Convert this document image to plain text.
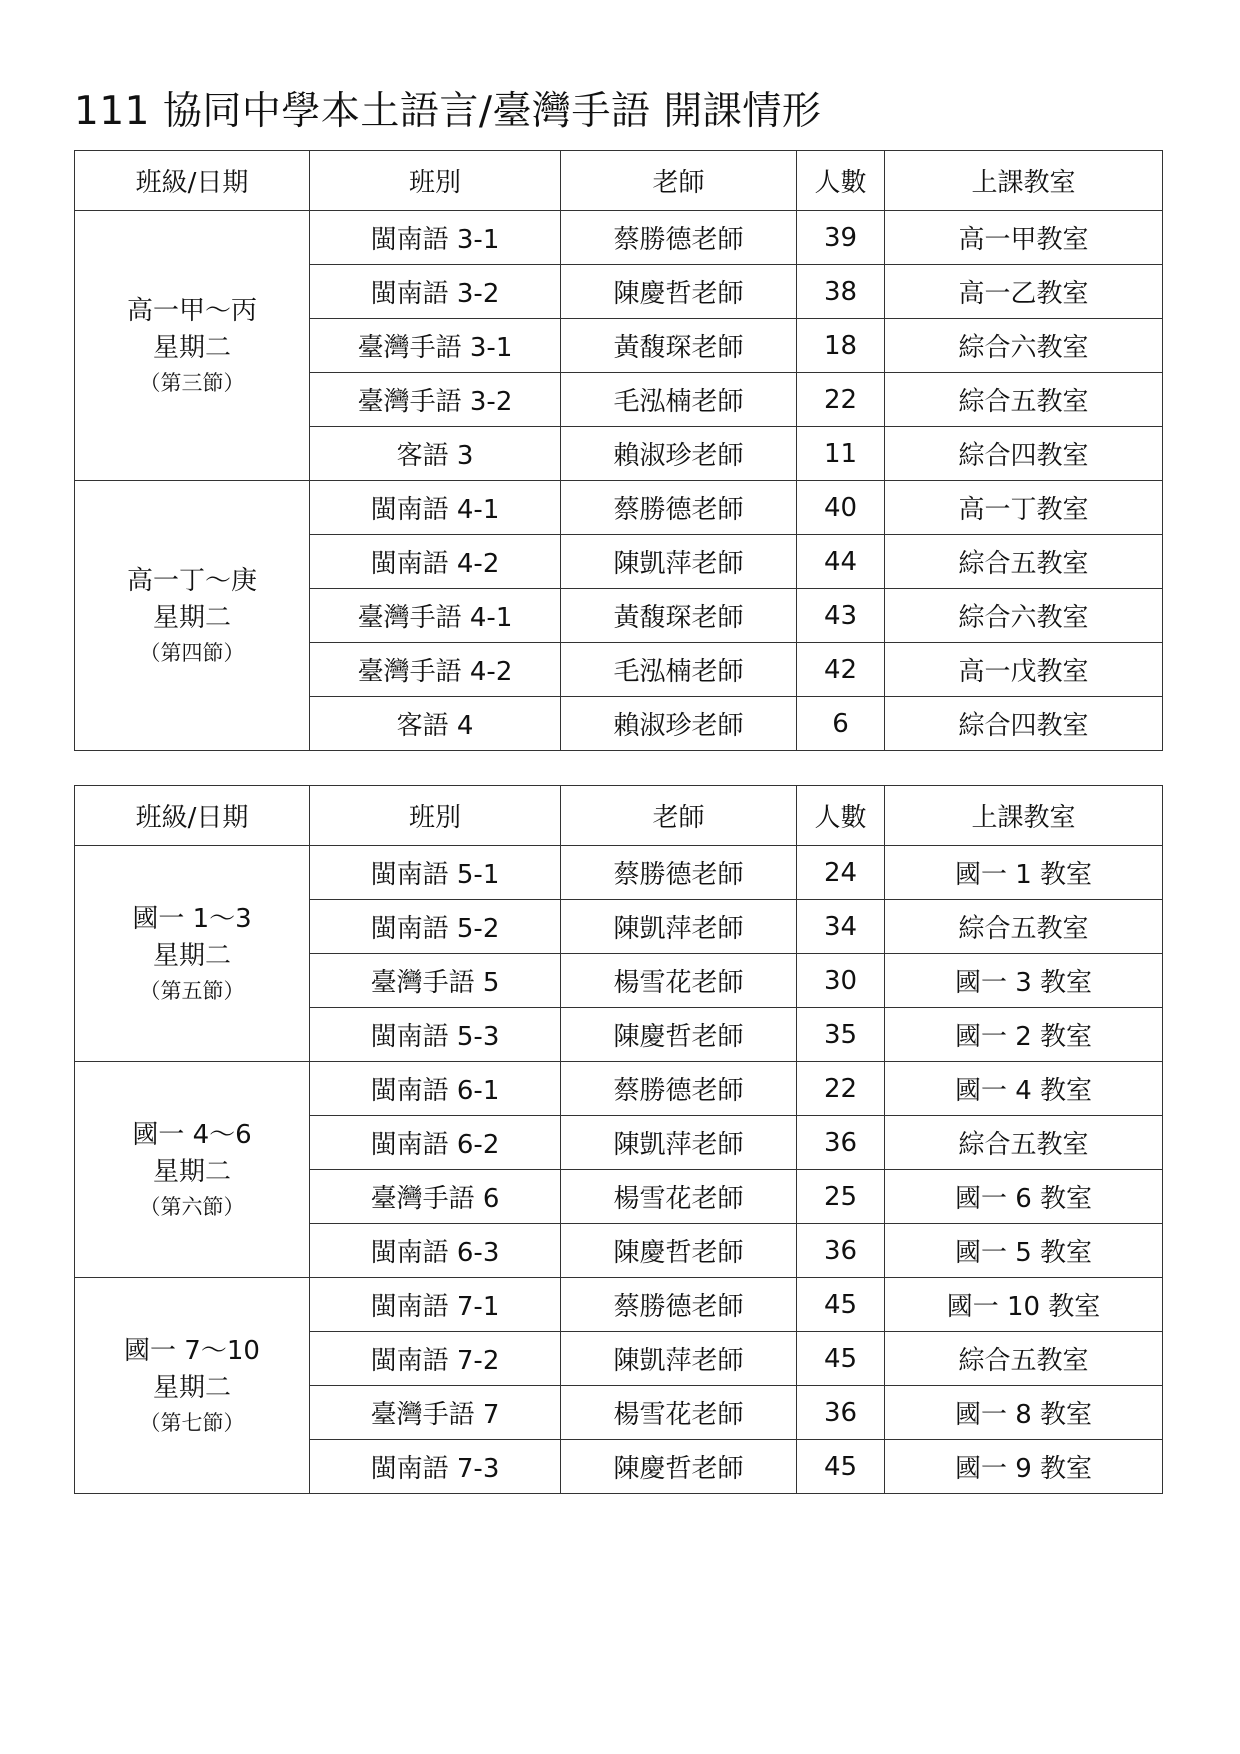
111 協同中學本土語言/臺灣手語 開課情形
班級/日期	班別	老師	人數	上課教室

高一甲～丙
星期二
（第三節）	閩南語 3-1	蔡勝德老師	39	高一甲教室
	閩南語 3-2	陳慶哲老師	38	高一乙教室
	臺灣手語 3-1	黃馥琛老師	18	綜合六教室
	臺灣手語 3-2	毛泓楠老師	22	綜合五教室
	客語 3	賴淑珍老師	11	綜合四教室

高一丁～庚
星期二
（第四節）	閩南語 4-1	蔡勝德老師	40	高一丁教室
	閩南語 4-2	陳凱萍老師	44	綜合五教室
	臺灣手語 4-1	黃馥琛老師	43	綜合六教室
	臺灣手語 4-2	毛泓楠老師	42	高一戊教室
	客語 4	賴淑珍老師	6	綜合四教室
班級/日期	班別	老師	人數	上課教室

國一 1～3
星期二
（第五節）	閩南語 5-1	蔡勝德老師	24	國一 1 教室
	閩南語 5-2	陳凱萍老師	34	綜合五教室
	臺灣手語 5	楊雪花老師	30	國一 3 教室
	閩南語 5-3	陳慶哲老師	35	國一 2 教室

國一 4～6
星期二
（第六節）	閩南語 6-1	蔡勝德老師	22	國一 4 教室
	閩南語 6-2	陳凱萍老師	36	綜合五教室
	臺灣手語 6	楊雪花老師	25	國一 6 教室
	閩南語 6-3	陳慶哲老師	36	國一 5 教室

國一 7～10
星期二
（第七節）	閩南語 7-1	蔡勝德老師	45	國一 10 教室
	閩南語 7-2	陳凱萍老師	45	綜合五教室
	臺灣手語 7	楊雪花老師	36	國一 8 教室
	閩南語 7-3	陳慶哲老師	45	國一 9 教室
